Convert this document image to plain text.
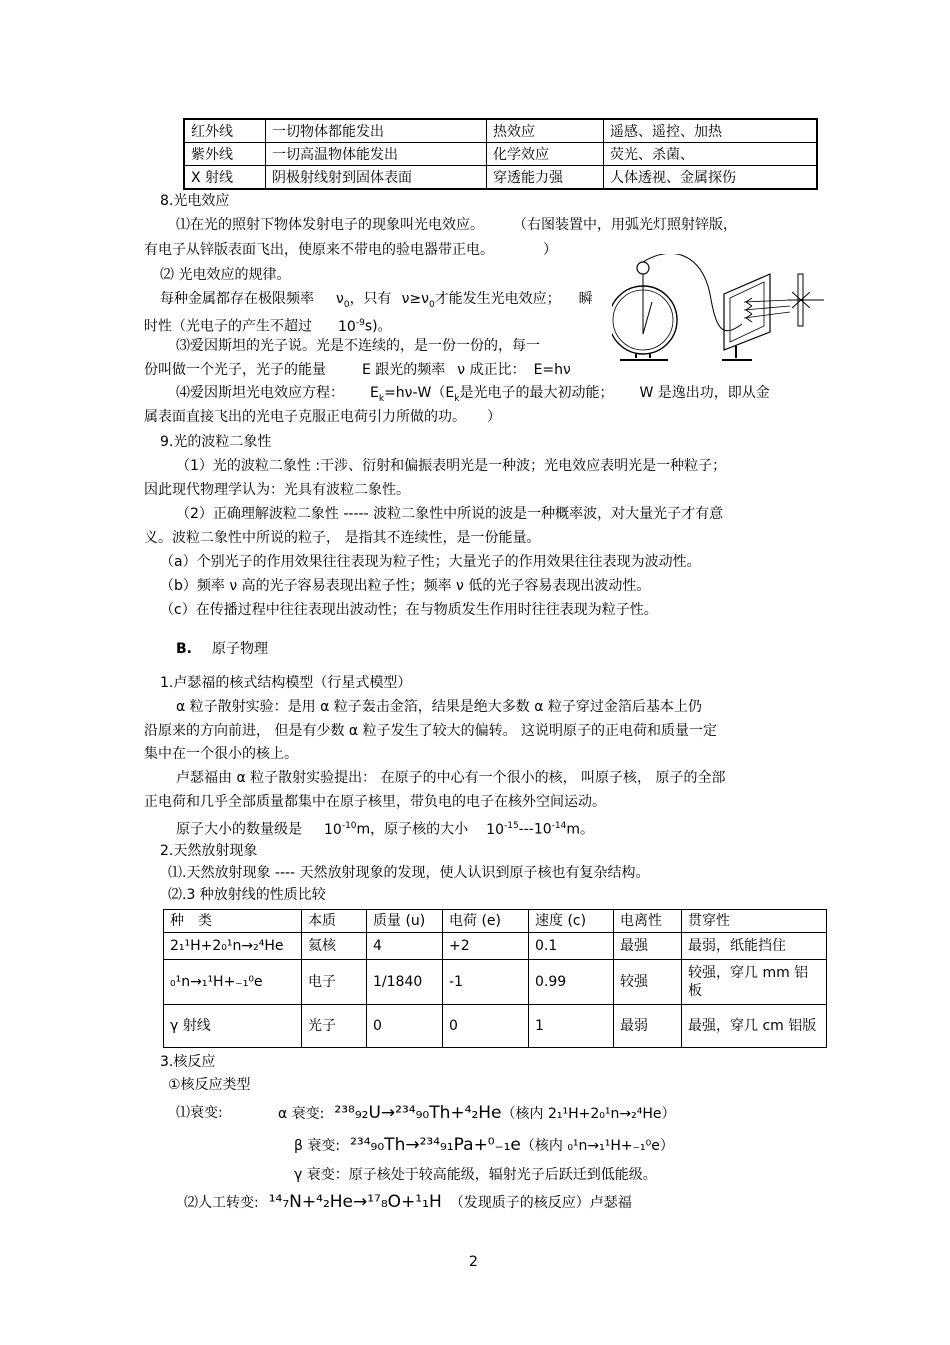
红外线	一切物体都能发出	热效应	遥感、遥控、加热
紫外线	一切高温物体能发出	化学效应	荧光、杀菌、
X 射线	阴极射线射到固体表面	穿透能力强	人体透视、金属探伤
8.光电效应
⑴在光的照射下物体发射电子的现象叫光电效应。	（右图装置中，用弧光灯照射锌版，
有电子从锌版表面飞出，使原来不带电的验电器带正电。	）
⑵ 光电效应的规律。
每种金属都存在极限频率 $\nu_0$，只有 $\nu\ge\nu_0$才能发生光电效应； 瞬
时性（光电子的产生不超过 $10^{-9}s$)。
⑶爱因斯坦的光子说。光是不连续的，是一份一份的，每一
份叫做一个光子，光子的能量	E 跟光的频率 ν 成正比： E=hν
⑷爱因斯坦光电效应方程： $E_k=h\nu-W(E_k$是光电子的最大初动能； W 是逸出功，即从金
属表面直接飞出的光电子克服正电荷引力所做的功。 ）
9.光的波粒二象性
（1）光的波粒二象性 :干涉、衍射和偏振表明光是一种波；光电效应表明光是一种粒子；
因此现代物理学认为：光具有波粒二象性。
（2）正确理解波粒二象性 ----- 波粒二象性中所说的波是一种概率波，对大量光子才有意
义。波粒二象性中所说的粒子， 是指其不连续性，是一份能量。
（a）个别光子的作用效果往往表现为粒子性；大量光子的作用效果往往表现为波动性。
（b）频率 ν 高的光子容易表现出粒子性；频率 ν 低的光子容易表现出波动性。
（c）在传播过程中往往表现出波动性；在与物质发生作用时往往表现为粒子性。
B. 原子物理
1.卢瑟福的核式结构模型（行星式模型）
α 粒子散射实验：是用 α 粒子轰击金箔，结果是绝大多数 α 粒子穿过金箔后基本上仍
沿原来的方向前进， 但是有少数 α 粒子发生了较大的偏转。 这说明原子的正电荷和质量一定
集中在一个很小的核上。
卢瑟福由 α 粒子散射实验提出： 在原子的中心有一个很小的核， 叫原子核， 原子的全部
正电荷和几乎全部质量都集中在原子核里，带负电的电子在核外空间运动。
原子大小的数量级是 $10^{-10}m$，原子核的大小 $10^{-15}---10^{-14}m$。
2.天然放射现象
⑴.天然放射现象 ---- 天然放射现象的发现，使人认识到原子核也有复杂结构。
⑵.3 种放射线的性质比较
种　类	本质	质量 (u)	电荷 (e)	速度 (c)	电离性	贯穿性
2₁¹H+2₀¹n→₂⁴He	氦核	4	+2	0.1	最强	最弱，纸能挡住
₀¹n→₁¹H+₋₁⁰e	电子	1/1840	-1	0.99	较强	较强，穿几 mm 铝板
γ 射线	光子	0	0	1	最弱	最强，穿几 cm 铝版
3.核反应
①核反应类型
⑴衰变:	α 衰变: ²³⁸₉₂U→²³⁴₉₀Th+⁴₂He（核内 2₁¹H+2₀¹n→₂⁴He）
β 衰变: ²³⁴₉₀Th→²³⁴₉₁Pa+⁰₋₁e（核内 ₀¹n→₁¹H+₋₁⁰e）
γ 衰变：原子核处于较高能级，辐射光子后跃迁到低能级。
⑵人工转变: ¹⁴₇N+⁴₂He→¹⁷₈O+¹₁H （发现质子的核反应）卢瑟福
2
